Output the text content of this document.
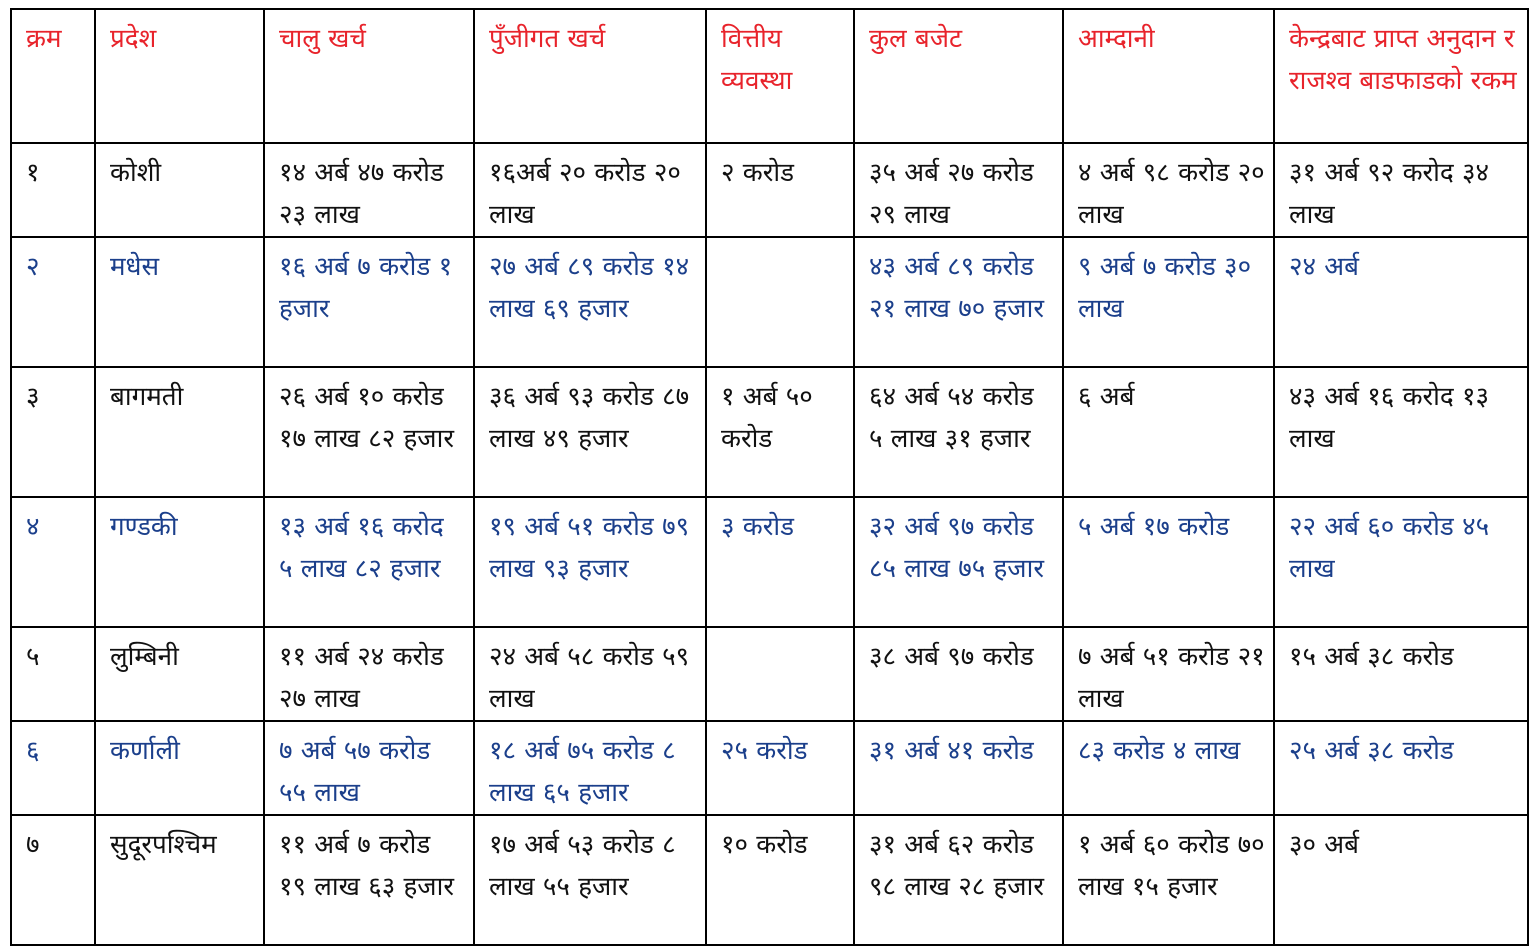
क्रम	प्रदेश	चालु खर्च	पुँजीगत खर्च	वित्तीय व्यवस्था	कुल बजेट	आम्दानी	केन्द्रबाट प्राप्त अनुदान र राजश्व बाडफाडको रकम
१	कोशी	१४ अर्ब ४७ करोड २३ लाख	१६अर्ब २० करोड २० लाख	२ करोड	३५ अर्ब २७ करोड २९ लाख	४ अर्ब ९८ करोड २० लाख	३१ अर्ब ९२ करोद ३४ लाख
२	मधेस	१६ अर्ब ७ करोड १ हजार	२७ अर्ब ८९ करोड १४ लाख ६९ हजार		४३ अर्ब ८९ करोड २१ लाख ७० हजार	९ अर्ब ७ करोड ३० लाख	२४ अर्ब
३	बागमती	२६ अर्ब १० करोड १७ लाख ८२ हजार	३६ अर्ब ९३ करोड ८७ लाख ४९ हजार	१ अर्ब ५० करोड	६४ अर्ब ५४ करोड ५ लाख ३१ हजार	६ अर्ब	४३ अर्ब १६ करोद १३ लाख
४	गण्डकी	१३ अर्ब १६ करोद ५ लाख ८२ हजार	१९ अर्ब ५१ करोड ७९ लाख ९३ हजार	३ करोड	३२ अर्ब ९७ करोड ८५ लाख ७५ हजार	५ अर्ब १७ करोड	२२ अर्ब ६० करोड ४५ लाख
५	लुम्बिनी	११ अर्ब २४ करोड २७ लाख	२४ अर्ब ५८ करोड ५९ लाख		३८ अर्ब ९७ करोड	७ अर्ब ५१ करोड २१ लाख	१५ अर्ब ३८ करोड
६	कर्णाली	७ अर्ब ५७ करोड ५५ लाख	१८ अर्ब ७५ करोड ८ लाख ६५ हजार	२५ करोड	३१ अर्ब ४१ करोड	८३ करोड ४ लाख	२५ अर्ब ३८ करोड
७	सुदूरपश्चिम	११ अर्ब ७ करोड १९ लाख ६३ हजार	१७ अर्ब ५३ करोड ८ लाख ५५ हजार	१० करोड	३१ अर्ब ६२ करोड ९८ लाख २८ हजार	१ अर्ब ६० करोड ७० लाख १५ हजार	३० अर्ब
